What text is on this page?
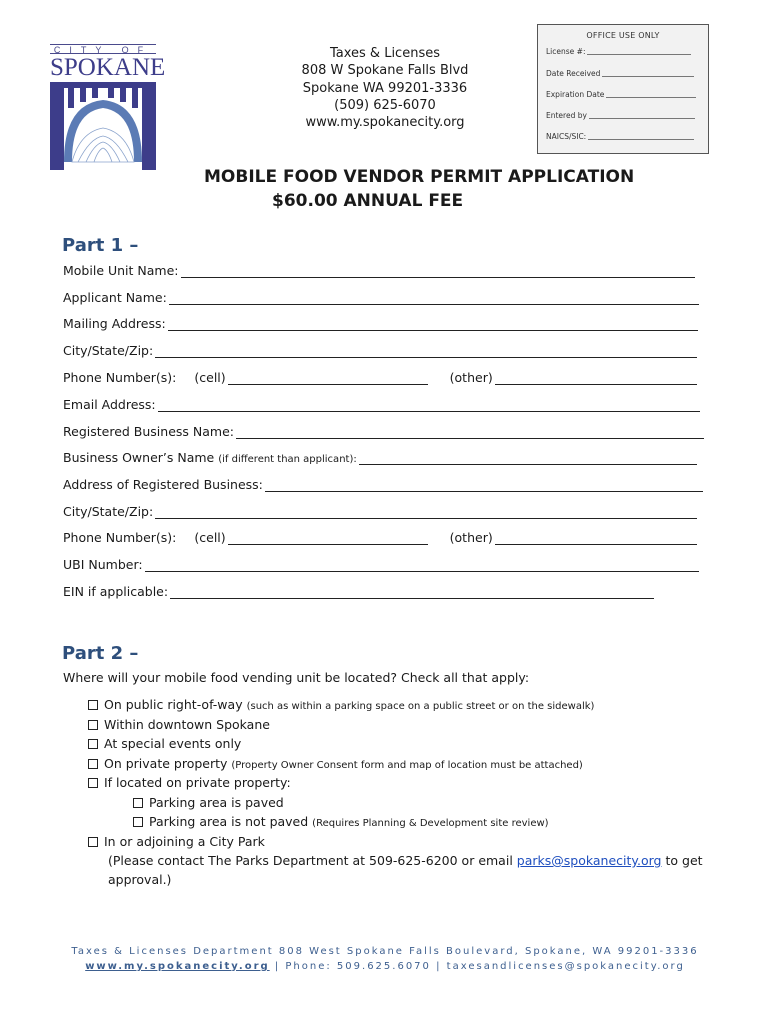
CITY OF
SPOKANE
Taxes & Licenses
808 W Spokane Falls Blvd
Spokane WA 99201-3336
(509) 625-6070
www.my.spokanecity.org
OFFICE USE ONLY
License #:
Date Received
Expiration Date
Entered by
NAICS/SIC:
MOBILE FOOD VENDOR PERMIT APPLICATION
$60.00 ANNUAL FEE
Part 1 –
Mobile Unit Name:
Applicant Name:
Mailing Address:
City/State/Zip:
Phone Number(s): (cell)	(other)
Email Address:
Registered Business Name:
Business Owner’s Name (if different than applicant):
Address of Registered Business:
City/State/Zip:
Phone Number(s): (cell)	(other)
UBI Number:
EIN if applicable:
Part 2 –
Where will your mobile food vending unit be located? Check all that apply:
On public right-of-way (such as within a parking space on a public street or on the sidewalk)
Within downtown Spokane
At special events only
On private property (Property Owner Consent form and map of location must be attached)
If located on private property:
Parking area is paved
Parking area is not paved (Requires Planning & Development site review)
In or adjoining a City Park
(Please contact The Parks Department at 509-625-6200 or email parks@spokanecity.org to get
approval.)
Taxes & Licenses Department 808 West Spokane Falls Boulevard, Spokane, WA 99201-3336
www.my.spokanecity.org | Phone: 509.625.6070 | taxesandlicenses@spokanecity.org
